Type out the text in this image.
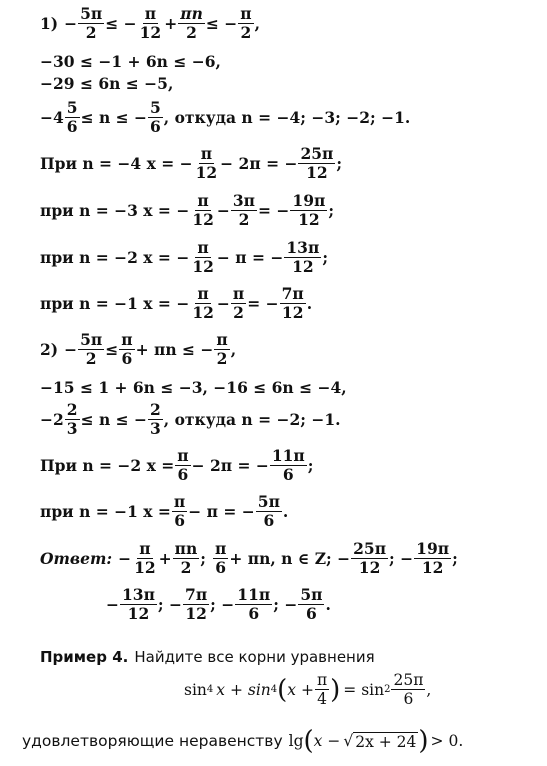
$1) - \frac{5\pi}{2}$ ≤ − $\frac{\pi}{12} + \frac{\pi n}{2}$ ≤ − $\frac{\pi}{2}$ ,
−30 ≤ −1 + 6n ≤ −6,
−29 ≤ 6n ≤ −5,
$-4 \frac{5}{6} \le n$ ≤ − $\frac{5}{6}$ , откуда n = −4; −3; −2; −1.
При n = −4 x = − $\frac{\pi}{12} - 2\pi$ = − $\frac{25\pi}{12}$ ;
при n = −3 x = − $\frac{\pi}{12} - \frac{3\pi}{2}$ = − $\frac{19\pi}{12}$ ;
при n = −2 x = − $\frac{\pi}{12} - \pi$ = − $\frac{13\pi}{12}$ ;
при n = −1 x = − $\frac{\pi}{12} - \frac{\pi}{2}$ = − $\frac{7\pi}{12}$ .
$2) - \frac{5\pi}{2} \le \frac{\pi}{6} + \pi n$ ≤ − $\frac{\pi}{2}$ ,
−15 ≤ 1 + 6n ≤ −3, −16 ≤ 6n ≤ −4,
$-2 \frac{2}{3} \le n$ ≤ − $\frac{2}{3}$ , откуда n = −2; −1.
При n = −2 $x = \frac{\pi}{6} - 2\pi$ = − $\frac{11\pi}{6}$ ;
при n = −1 $x = \frac{\pi}{6} - \pi$ = − $\frac{5\pi}{6}$ .
Ответ: − $\frac{\pi}{12} + \frac{\pi n}{2}$ ; $\frac{\pi}{6} + \pi n$, n ∈ Z; − $\frac{25\pi}{12}$ ; − $\frac{19\pi}{12}$ ;
− $\frac{13\pi}{12}$ ; − $\frac{7\pi}{12}$ ; − $\frac{11\pi}{6}$ ; − $\frac{5\pi}{6}$ .
Пример 4. Найдите все корни уравнения
sin 4 x + sin 4 ( $x + \frac{\pi}{4}$ ) = $\sin 2 \frac{25\pi}{6}$ ,
удовлетворяющие неравенству lg ( x − √ 2x + 24 ) > 0.
